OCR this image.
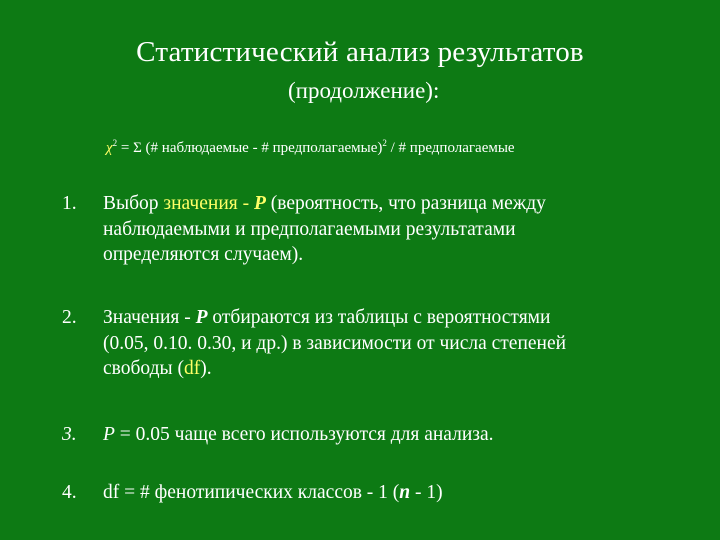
Статистический анализ результатов
(продолжение):
$\chi^2 = \Sigma$ (# наблюдаемые - # предполагаемые)$^2$ / # предполагаемые
1.	Выбор значения - P (вероятность, что разница между
наблюдаемыми и предполагаемыми результатами
определяются случаем).
2.	Значения - P отбираются из таблицы с вероятностями
(0.05, 0.10. 0.30, и др.) в зависимости от числа степеней
свободы (df).
3.	P = 0.05 чаще всего используются для анализа.
4.	df = # фенотипических классов - 1 (n - 1)
